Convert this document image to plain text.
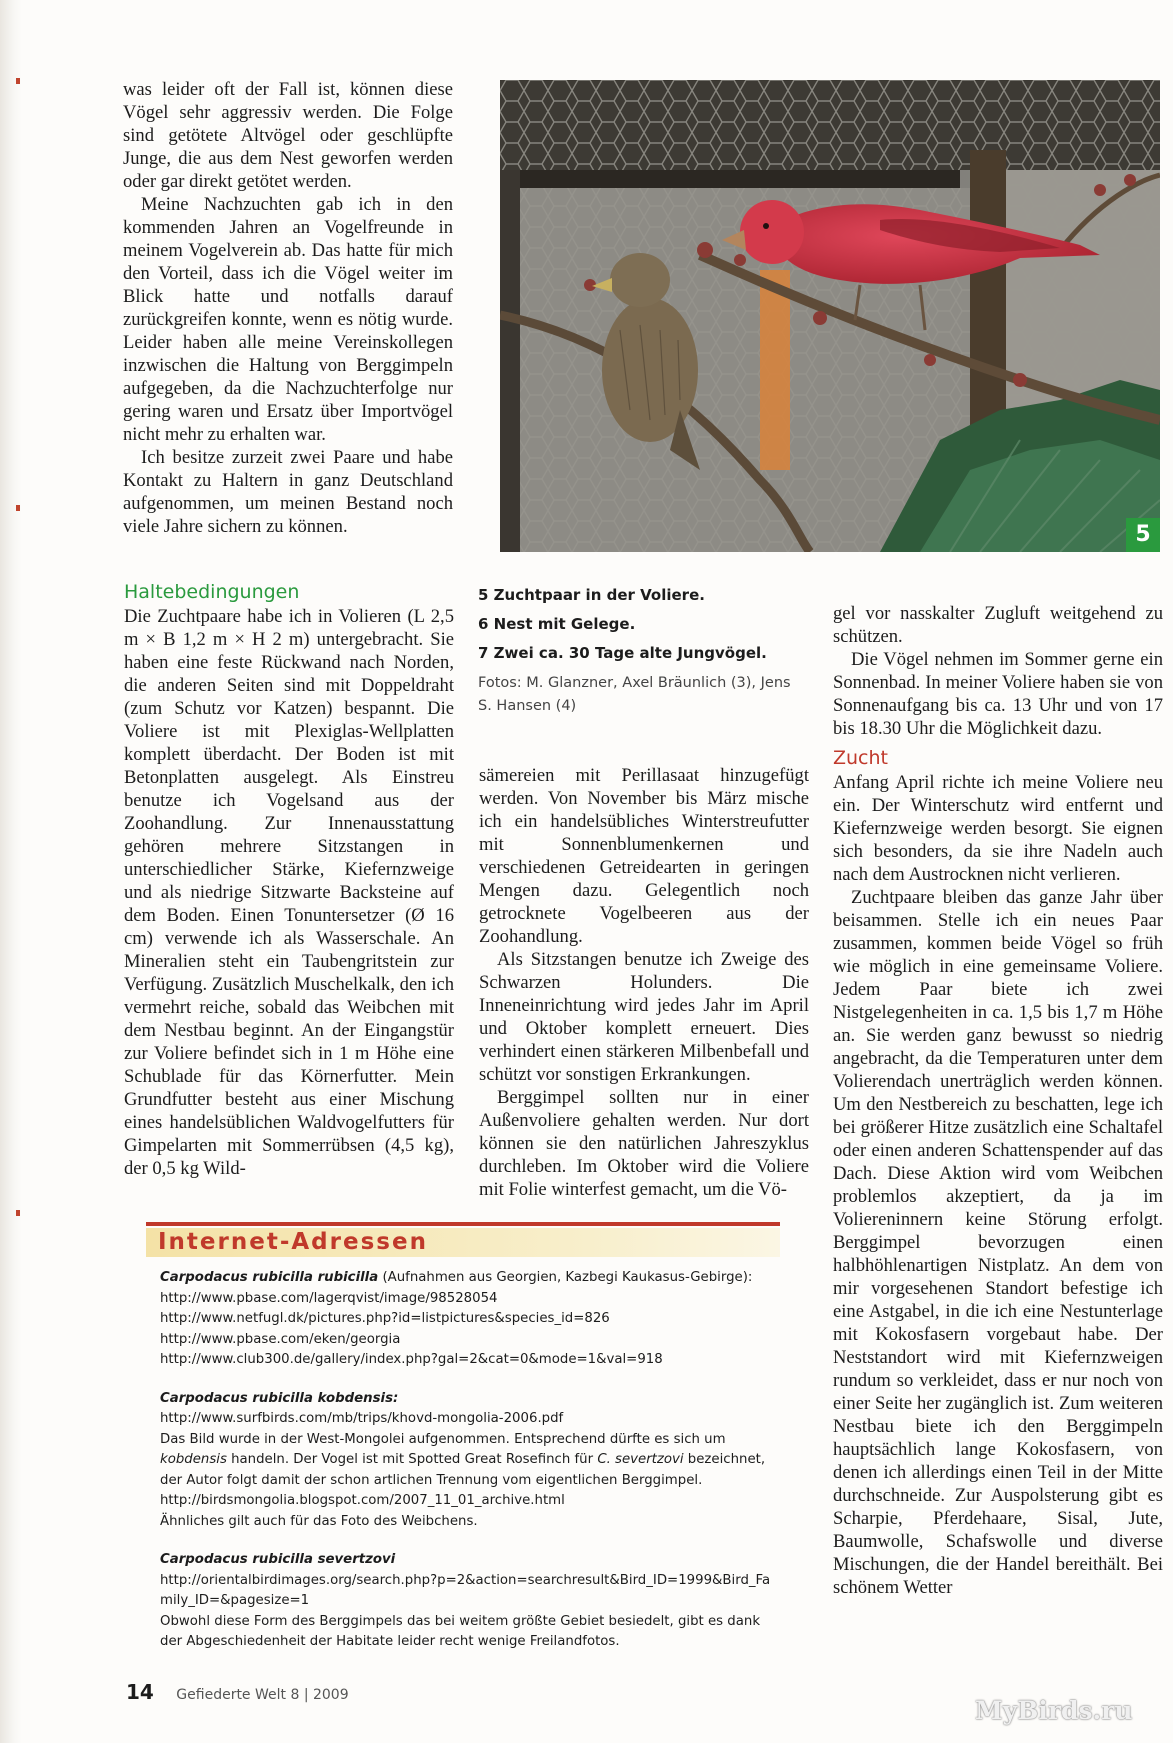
was leider oft der Fall ist, können diese Vögel sehr aggressiv werden. Die Folge sind getötete Altvögel oder geschlüpfte Junge, die aus dem Nest geworfen werden oder gar direkt getötet werden.

Meine Nachzuchten gab ich in den kommenden Jahren an Vogelfreunde in meinem Vogelverein ab. Das hatte für mich den Vorteil, dass ich die Vögel weiter im Blick hatte und notfalls darauf zurückgreifen konnte, wenn es nötig wurde. Leider haben alle meine Vereinskollegen inzwischen die Haltung von Berggimpeln aufgegeben, da die Nachzuchterfolge nur gering waren und Ersatz über Importvögel nicht mehr zu erhalten war.

Ich besitze zurzeit zwei Paare und habe Kontakt zu Haltern in ganz Deutschland aufgenommen, um meinen Bestand noch viele Jahre sichern zu können.	5
Haltebedingungen

Die Zuchtpaare habe ich in Volieren (L 2,5 m × B 1,2 m × H 2 m) untergebracht. Sie haben eine feste Rückwand nach Norden, die anderen Seiten sind mit Doppeldraht (zum Schutz vor Katzen) bespannt. Die Voliere ist mit Plexiglas-Wellplatten komplett überdacht. Der Boden ist mit Betonplatten ausgelegt. Als Einstreu benutze ich Vogelsand aus der Zoohandlung. Zur Innenausstattung gehören mehrere Sitzstangen in unterschiedlicher Stärke, Kiefernzweige und als niedrige Sitzwarte Backsteine auf dem Boden. Einen Tonuntersetzer (Ø 16 cm) verwende ich als Wasserschale. An Mineralien steht ein Taubengritstein zur Verfügung. Zusätzlich Muschelkalk, den ich vermehrt reiche, sobald das Weibchen mit dem Nestbau beginnt. An der Eingangstür zur Voliere befindet sich in 1 m Höhe eine Schublade für das Körnerfutter. Mein Grundfutter besteht aus einer Mischung eines handelsüblichen Waldvogelfutters für Gimpelarten mit Sommerrübsen (4,5 kg), der 0,5 kg Wild-

5 Zuchtpaar in der Voliere.
6 Nest mit Gelege.
7 Zwei ca. 30 Tage alte Jungvögel.
Fotos: M. Glanzner, Axel Bräunlich (3), Jens S. Hansen (4)

sämereien mit Perillasaat hinzugefügt werden. Von November bis März mische ich ein handelsübliches Winterstreufutter mit Sonnenblumenkernen und verschiedenen Getreidearten in geringen Mengen dazu. Gelegentlich noch getrocknete Vogelbeeren aus der Zoohandlung.

Als Sitzstangen benutze ich Zweige des Schwarzen Holunders. Die Inneneinrichtung wird jedes Jahr im April und Oktober komplett erneuert. Dies verhindert einen stärkeren Milbenbefall und schützt vor sonstigen Erkrankungen.

Berggimpel sollten nur in einer Außenvoliere gehalten werden. Nur dort können sie den natürlichen Jahreszyklus durchleben. Im Oktober wird die Voliere mit Folie winterfest gemacht, um die Vö-

gel vor nasskalter Zugluft weitgehend zu schützen.

Die Vögel nehmen im Sommer gerne ein Sonnenbad. In meiner Voliere haben sie von Sonnenaufgang bis ca. 13 Uhr und von 17 bis 18.30 Uhr die Möglichkeit dazu.

Zucht

Anfang April richte ich meine Voliere neu ein. Der Winterschutz wird entfernt und Kiefernzweige werden besorgt. Sie eignen sich besonders, da sie ihre Nadeln auch nach dem Austrocknen nicht verlieren.

Zuchtpaare bleiben das ganze Jahr über beisammen. Stelle ich ein neues Paar zusammen, kommen beide Vögel so früh wie möglich in eine gemeinsame Voliere. Jedem Paar biete ich zwei Nistgelegenheiten in ca. 1,5 bis 1,7 m Höhe an. Sie werden ganz bewusst so niedrig angebracht, da die Temperaturen unter dem Volierendach unerträglich werden können. Um den Nestbereich zu beschatten, lege ich bei größerer Hitze zusätzlich eine Schaltafel oder einen anderen Schattenspender auf das Dach. Diese Aktion wird vom Weibchen problemlos akzeptiert, da ja im Voliereninnern keine Störung erfolgt. Berggimpel bevorzugen einen halbhöhlenartigen Nistplatz. An dem von mir vorgesehenen Standort befestige ich eine Astgabel, in die ich eine Nestunterlage mit Kokosfasern vorgebaut habe. Der Neststandort wird mit Kiefernzweigen rundum so verkleidet, dass er nur noch von einer Seite her zugänglich ist. Zum weiteren Nestbau biete ich den Berggimpeln hauptsächlich lange Kokosfasern, von denen ich allerdings einen Teil in der Mitte durchschneide. Zur Auspolsterung gibt es Scharpie, Pferdehaare, Sisal, Jute, Baumwolle, Schafswolle und diverse Mischungen, die der Handel bereithält. Bei schönem Wetter

Internet-Adressen
Carpodacus rubicilla rubicilla (Aufnahmen aus Georgien, Kazbegi Kaukasus-Gebirge):
http://www.pbase.com/lagerqvist/image/98528054
http://www.netfugl.dk/pictures.php?id=listpictures&species_id=826
http://www.pbase.com/eken/georgia
http://www.club300.de/gallery/index.php?gal=2&cat=0&mode=1&val=918
Carpodacus rubicilla kobdensis:
http://www.surfbirds.com/mb/trips/khovd-mongolia-2006.pdf
Das Bild wurde in der West-Mongolei aufgenommen. Entsprechend dürfte es sich um kobdensis handeln. Der Vogel ist mit Spotted Great Rosefinch für C. severtzovi bezeichnet, der Autor folgt damit der schon artlichen Trennung vom eigentlichen Berggimpel.
http://birdsmongolia.blogspot.com/2007_11_01_archive.html
Ähnliches gilt auch für das Foto des Weibchens.
Carpodacus rubicilla severtzovi
http://orientalbirdimages.org/search.php?p=2&action=searchresult&Bird_ID=1999&Bird_Family_ID=&pagesize=1
Obwohl diese Form des Berggimpels das bei weitem größte Gebiet besiedelt, gibt es dank der Abgeschiedenheit der Habitate leider recht wenige Freilandfotos.
14 Gefiederte Welt 8 | 2009
MyBirds.ru
